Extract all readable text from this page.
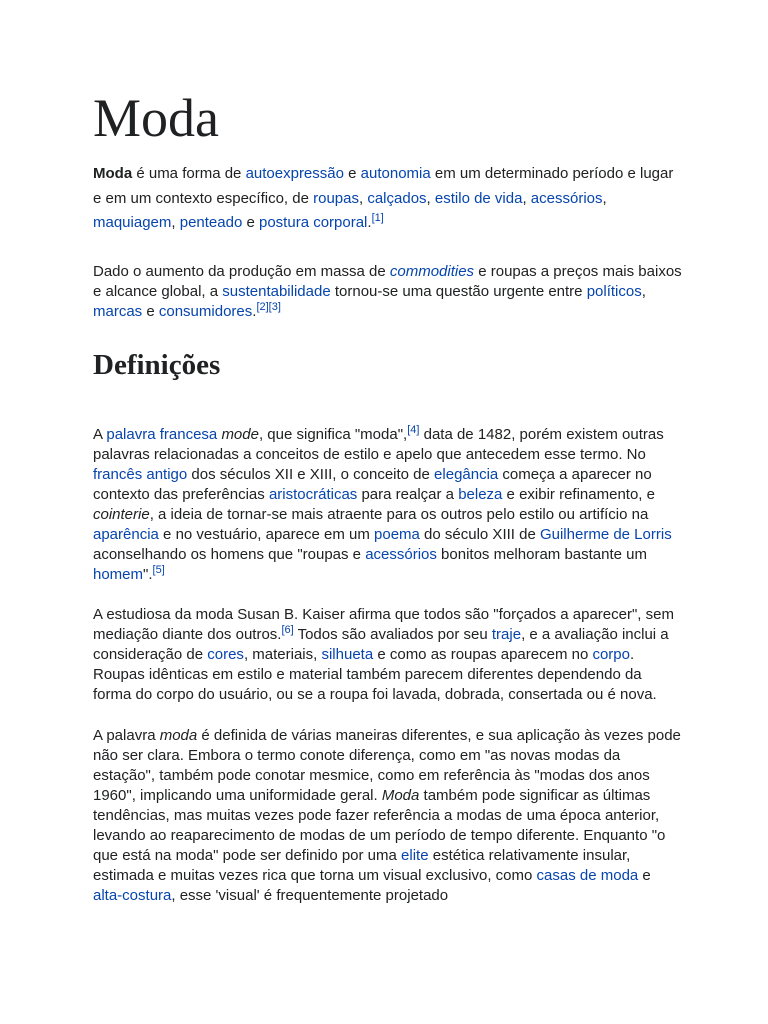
Moda

Moda é uma forma de autoexpressão e autonomia em um determinado período e lugar e em um contexto específico, de roupas, calçados, estilo de vida, acessórios, maquiagem, penteado e postura corporal.[1]

Dado o aumento da produção em massa de commodities e roupas a preços mais baixos e alcance global, a sustentabilidade tornou-se uma questão urgente entre políticos, marcas e consumidores.[2][3]

Definições

A palavra francesa mode, que significa "moda",[4] data de 1482, porém existem outras palavras relacionadas a conceitos de estilo e apelo que antecedem esse termo. No francês antigo dos séculos XII e XIII, o conceito de elegância começa a aparecer no contexto das preferências aristocráticas para realçar a beleza e exibir refinamento, e cointerie, a ideia de tornar-se mais atraente para os outros pelo estilo ou artifício na aparência e no vestuário, aparece em um poema do século XIII de Guilherme de Lorris aconselhando os homens que "roupas e acessórios bonitos melhoram bastante um homem".[5]

A estudiosa da moda Susan B. Kaiser afirma que todos são "forçados a aparecer", sem mediação diante dos outros.[6] Todos são avaliados por seu traje, e a avaliação inclui a consideração de cores, materiais, silhueta e como as roupas aparecem no corpo. Roupas idênticas em estilo e material também parecem diferentes dependendo da forma do corpo do usuário, ou se a roupa foi lavada, dobrada, consertada ou é nova.

A palavra moda é definida de várias maneiras diferentes, e sua aplicação às vezes pode não ser clara. Embora o termo conote diferença, como em "as novas modas da estação", também pode conotar mesmice, como em referência às "modas dos anos 1960", implicando uma uniformidade geral. Moda também pode significar as últimas tendências, mas muitas vezes pode fazer referência a modas de uma época anterior, levando ao reaparecimento de modas de um período de tempo diferente. Enquanto "o que está na moda" pode ser definido por uma elite estética relativamente insular, estimada e muitas vezes rica que torna um visual exclusivo, como casas de moda e alta-costura, esse 'visual' é frequentemente projetado
